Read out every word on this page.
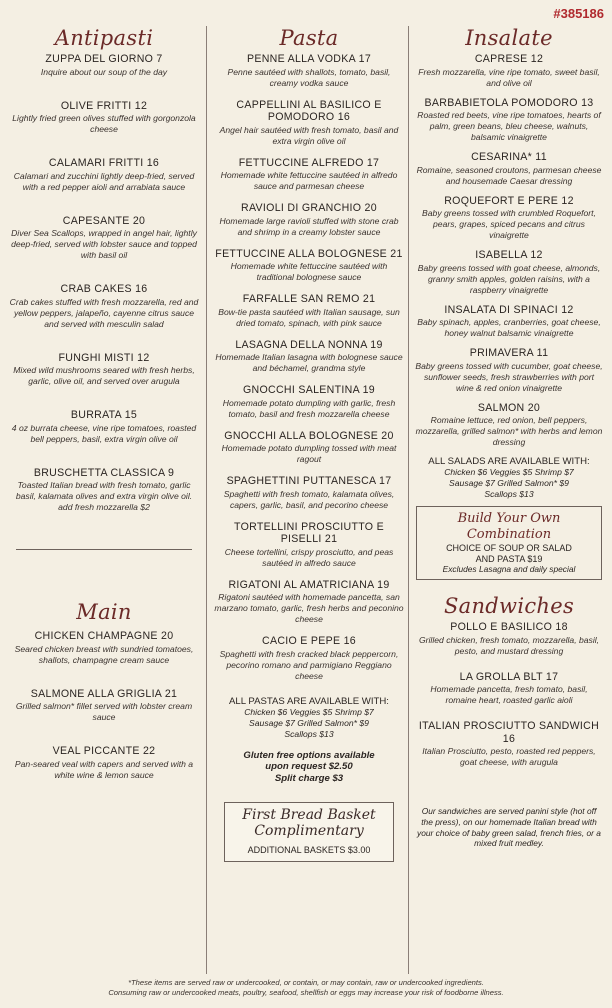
#385186
Antipasti
ZUPPA DEL GIORNO 7
Inquire about our soup of the day
OLIVE FRITTI 12
Lightly fried green olives stuffed with gorgonzola cheese
CALAMARI FRITTI 16
Calamari and zucchini lightly deep-fried, served with a red pepper aioli and arrabiata sauce
CAPESANTE 20
Diver Sea Scallops, wrapped in angel hair, lightly deep-fried, served with lobster sauce and topped with basil oil
CRAB CAKES 16
Crab cakes stuffed with fresh mozzarella, red and yellow peppers, jalapeño, cayenne citrus sauce and served with mesculin salad
FUNGHI MISTI 12
Mixed wild mushrooms seared with fresh herbs, garlic, olive oil, and served over arugula
BURRATA 15
4 oz burrata cheese, vine ripe tomatoes, roasted bell peppers, basil, extra virgin olive oil
BRUSCHETTA CLASSICA 9
Toasted Italian bread with fresh tomato, garlic basil, kalamata olives and extra virgin olive oil. add fresh mozzarella $2
Main
CHICKEN CHAMPAGNE 20
Seared chicken breast with sundried tomatoes, shallots, champagne cream sauce
SALMONE ALLA GRIGLIA 21
Grilled salmon* fillet served with lobster cream sauce
VEAL PICCANTE 22
Pan-seared veal with capers and served with a white wine & lemon sauce
Pasta
PENNE ALLA VODKA 17
Penne sautéed with shallots, tomato, basil, creamy vodka sauce
CAPPELLINI AL BASILICO E POMODORO 16
Angel hair sautéed with fresh tomato, basil and extra virgin olive oil
FETTUCCINE ALFREDO 17
Homemade white fettuccine sautéed in alfredo sauce and parmesan cheese
RAVIOLI DI GRANCHIO 20
Homemade large ravioli stuffed with stone crab and shrimp in a creamy lobster sauce
FETTUCCINE ALLA BOLOGNESE 21
Homemade white fettuccine sautéed with traditional bolognese sauce
FARFALLE SAN REMO 21
Bow-tie pasta sautéed with Italian sausage, sun dried tomato, spinach, with pink sauce
LASAGNA DELLA NONNA 19
Homemade Italian lasagna with bolognese sauce and béchamel, grandma style
GNOCCHI SALENTINA 19
Homemade potato dumpling with garlic, fresh tomato, basil and fresh mozzarella cheese
GNOCCHI ALLA BOLOGNESE 20
Homemade potato dumpling tossed with meat ragout
SPAGHETTINI PUTTANESCA 17
Spaghetti with fresh tomato, kalamata olives, capers, garlic, basil, and pecorino cheese
TORTELLINI PROSCIUTTO E PISELLI 21
Cheese tortellini, crispy prosciutto, and peas sautéed in alfredo sauce
RIGATONI AL AMATRICIANA 19
Rigatoni sautéed with homemade pancetta, san marzano tomato, garlic, fresh herbs and peconino cheese
CACIO E PEPE 16
Spaghetti with fresh cracked black peppercorn, pecorino romano and parmigiano Reggiano cheese
ALL PASTAS ARE AVAILABLE WITH:
Chicken $6 Veggies $5 Shrimp $7
Sausage $7 Grilled Salmon* $9
Scallops $13
Gluten free options available
upon request $2.50
Split charge $3
First Bread Basket Complimentary
ADDITIONAL BASKETS $3.00
Insalate
CAPRESE 12
Fresh mozzarella, vine ripe tomato, sweet basil, and olive oil
BARBABIETOLA POMODORO 13
Roasted red beets, vine ripe tomatoes, hearts of palm, green beans, bleu cheese, walnuts, balsamic vinaigrette
CESARINA* 11
Romaine, seasoned croutons, parmesan cheese and housemade Caesar dressing
ROQUEFORT E PERE 12
Baby greens tossed with crumbled Roquefort, pears, grapes, spiced pecans and citrus vinaigrette
ISABELLA 12
Baby greens tossed with goat cheese, almonds, granny smith apples, golden raisins, with a raspberry vinaigrette
INSALATA DI SPINACI 12
Baby spinach, apples, cranberries, goat cheese, honey walnut balsamic vinaigrette
PRIMAVERA 11
Baby greens tossed with cucumber, goat cheese, sunflower seeds, fresh strawberries with port wine & red onion vinaigrette
SALMON 20
Romaine lettuce, red onion, bell peppers, mozzarella, grilled salmon* with herbs and lemon dressing
ALL SALADS ARE AVAILABLE WITH:
Chicken $6 Veggies $5 Shrimp $7
Sausage $7 Grilled Salmon* $9
Scallops $13
Build Your Own Combination
CHOICE OF SOUP OR SALAD
AND PASTA $19
Excludes Lasagna and daily special
Sandwiches
POLLO E BASILICO 18
Grilled chicken, fresh tomato, mozzarella, basil, pesto, and mustard dressing
LA GROLLA BLT 17
Homemade pancetta, fresh tomato, basil, romaine heart, roasted garlic aioli
ITALIAN PROSCIUTTO SANDWICH 16
Italian Prosciutto, pesto, roasted red peppers, goat cheese, with arugula
Our sandwiches are served panini style (hot off the press), on our homemade Italian bread with your choice of baby green salad, french fries, or a mixed fruit medley.
*These items are served raw or undercooked, or contain, or may contain, raw or undercooked ingredients.
Consuming raw or undercooked meats, poultry, seafood, shellfish or eggs may increase your risk of foodborne illness.
